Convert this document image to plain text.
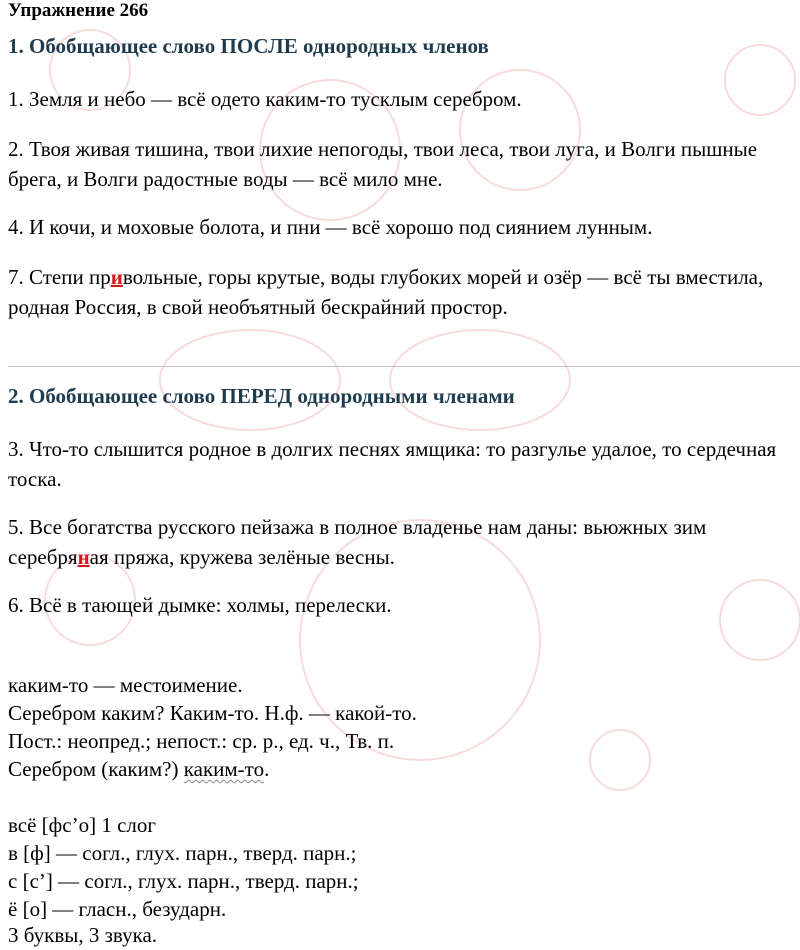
Упражнение 266
1. Обобщающее слово ПОСЛЕ однородных членов

1. Земля и небо — всё одето каким-то тусклым серебром.

2. Твоя живая тишина, твои лихие непогоды, твои леса, твои луга, и Волги пышные брега, и Волги радостные воды — всё мило мне.

4. И кочи, и моховые болота, и пни — всё хорошо под сиянием лунным.

7. Степи привольные, горы крутые, воды глубоких морей и озёр — всё ты вместила, родная Россия, в свой необъятный бескрайний простор.

2. Обобщающее слово ПЕРЕД однородными членами

3. Что-то слышится родное в долгих песнях ямщика: то разгулье удалое, то сердечная тоска.

5. Все богатства русского пейзажа в полное владенье нам даны: вьюжных зим серебряная пряжа, кружева зелёные весны.

6. Всё в тающей дымке: холмы, перелески.

каким-то — местоимение.

Серебром каким? Каким-то. Н.ф. — какой-то.

Пост.: неопред.; непост.: ср. р., ед. ч., Тв. п.

Серебром (каким?) каким-то.

всё [фс’о] 1 слог

в [ф] — согл., глух. парн., тверд. парн.;

с [с’] — согл., глух. парн., тверд. парн.;

ё [о] — гласн., безударн.

3 буквы, 3 звука.
